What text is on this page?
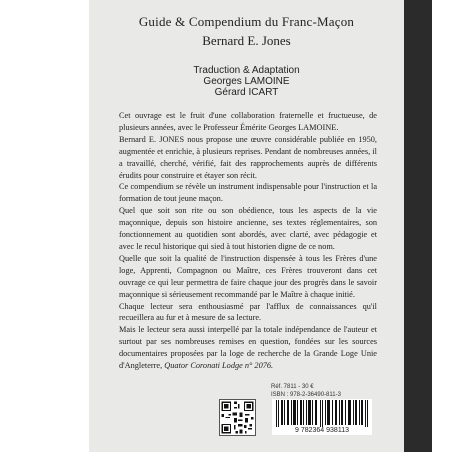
Guide & Compendium du Franc-Maçon
Bernard E. Jones
Traduction & Adaptation
Georges LAMOINE
Gérard ICART

Cet ouvrage est le fruit d'une collaboration fraternelle et fructueuse, de plusieurs années, avec le Professeur Émérite Georges LAMOINE.

Bernard E. JONES nous propose une œuvre considérable publiée en 1950, augmentée et enrichie, à plusieurs reprises. Pendant de nombreuses années, il a travaillé, cherché, vérifié, fait des rapprochements auprès de différents érudits pour construire et étayer son récit.

Ce compendium se révèle un instrument indispensable pour l'instruction et la formation de tout jeune maçon.

Quel que soit son rite ou son obédience, tous les aspects de la vie maçonnique, depuis son histoire ancienne, ses textes réglementaires, son fonctionnement au quotidien sont abordés, avec clarté, avec pédagogie et avec le recul historique qui sied à tout historien digne de ce nom.

Quelle que soit la qualité de l'instruction dispensée à tous les Frères d'une loge, Apprenti, Compagnon ou Maître, ces Frères trouveront dans cet ouvrage ce qui leur permettra de faire chaque jour des progrès dans le savoir maçonnique si sérieusement recommandé par le Maître à chaque initié.

Chaque lecteur sera enthousiasmé par l'afflux de connaissances qu'il recueillera au fur et à mesure de sa lecture.

Mais le lecteur sera aussi interpellé par la totale indépendance de l'auteur et surtout par ses nombreuses remises en question, fondées sur les sources documentaires proposées par la loge de recherche de la Grande Loge Unie d'Angleterre, Quator Coronati Lodge n° 2076.

Réf. 7811 - 30 €
ISBN : 978-2-36490-811-3
9 782364 938113
